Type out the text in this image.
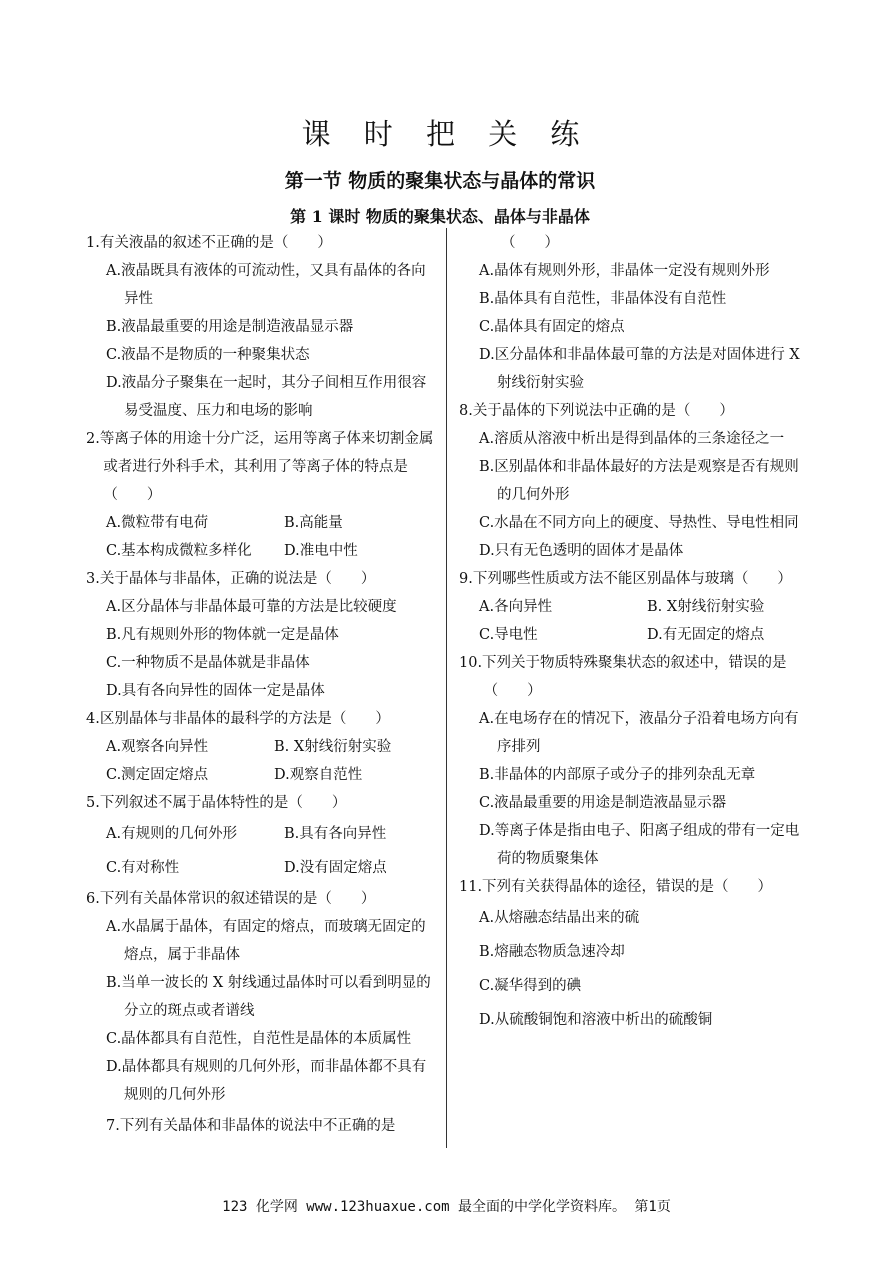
课 时 把 关 练
第一节 物质的聚集状态与晶体的常识
第 1 课时 物质的聚集状态、晶体与非晶体
1.有关液晶的叙述不正确的是（　　）
A.液晶既具有液体的可流动性，又具有晶体的各向异性
B.液晶最重要的用途是制造液晶显示器
C.液晶不是物质的一种聚集状态
D.液晶分子聚集在一起时，其分子间相互作用很容易受温度、压力和电场的影响
2.等离子体的用途十分广泛，运用等离子体来切割金属或者进行外科手术，其利用了等离子体的特点是（　　）
A.微粒带有电荷	B.高能量
C.基本构成微粒多样化	D.准电中性
3.关于晶体与非晶体，正确的说法是（　　）
A.区分晶体与非晶体最可靠的方法是比较硬度
B.凡有规则外形的物体就一定是晶体
C.一种物质不是晶体就是非晶体
D.具有各向异性的固体一定是晶体
4.区别晶体与非晶体的最科学的方法是（　　）
A.观察各向异性	B. X射线衍射实验
C.测定固定熔点	D.观察自范性
5.下列叙述不属于晶体特性的是（　　）
A.有规则的几何外形	B.具有各向异性
C.有对称性	D.没有固定熔点
6.下列有关晶体常识的叙述错误的是（　　）
A.水晶属于晶体，有固定的熔点，而玻璃无固定的熔点，属于非晶体
B.当单一波长的 X 射线通过晶体时可以看到明显的分立的斑点或者谱线
C.晶体都具有自范性，自范性是晶体的本质属性
D.晶体都具有规则的几何外形，而非晶体都不具有规则的几何外形
7.下列有关晶体和非晶体的说法中不正确的是
（　　）
A.晶体有规则外形，非晶体一定没有规则外形
B.晶体具有自范性，非晶体没有自范性
C.晶体具有固定的熔点
D.区分晶体和非晶体最可靠的方法是对固体进行 X 射线衍射实验
8.关于晶体的下列说法中正确的是（　　）
A.溶质从溶液中析出是得到晶体的三条途径之一
B.区别晶体和非晶体最好的方法是观察是否有规则的几何外形
C.水晶在不同方向上的硬度、导热性、导电性相同
D.只有无色透明的固体才是晶体
9.下列哪些性质或方法不能区别晶体与玻璃（　　）
A.各向异性	B. X射线衍射实验
C.导电性	D.有无固定的熔点
10.下列关于物质特殊聚集状态的叙述中，错误的是（　　）
A.在电场存在的情况下，液晶分子沿着电场方向有序排列
B.非晶体的内部原子或分子的排列杂乱无章
C.液晶最重要的用途是制造液晶显示器
D.等离子体是指由电子、阳离子组成的带有一定电荷的物质聚集体
11.下列有关获得晶体的途径，错误的是（　　）
A.从熔融态结晶出来的硫
B.熔融态物质急速冷却
C.凝华得到的碘
D.从硫酸铜饱和溶液中析出的硫酸铜
123 化学网 www.123huaxue.com 最全面的中学化学资料库。 第1页
